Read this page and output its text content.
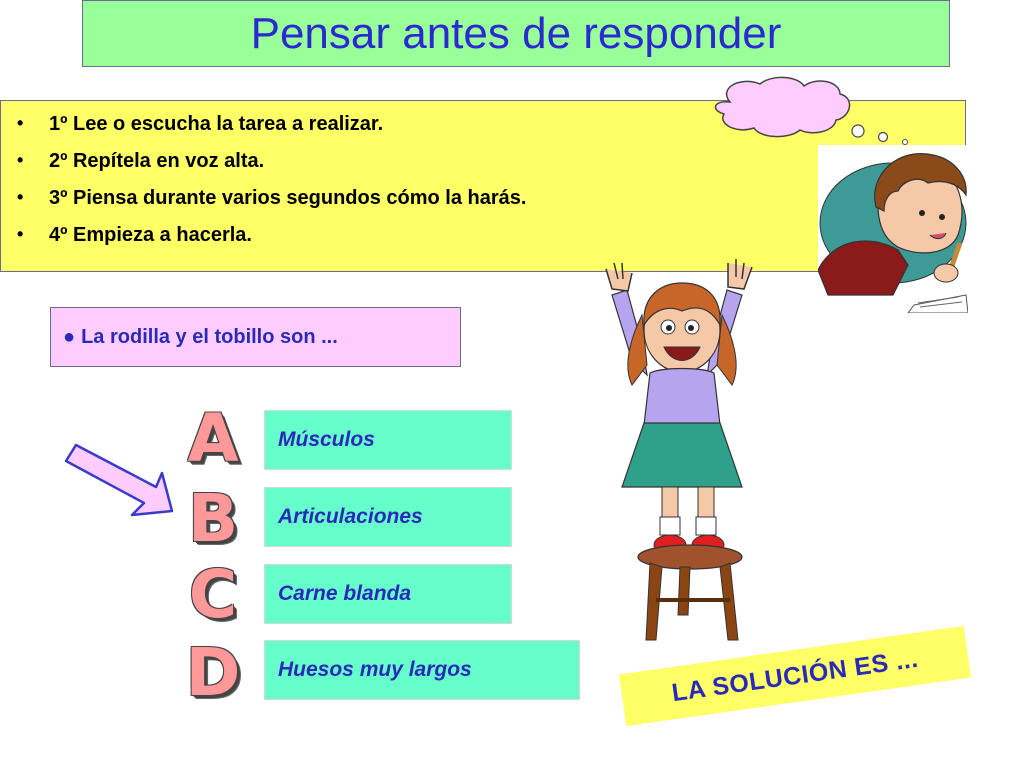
Pensar antes de responder
•	1º Lee o escucha la tarea a realizar.
•	2º Repítela en voz alta.
•	3º Piensa durante varios segundos cómo la harás.
•	4º Empieza a hacerla.
● La rodilla y el tobillo son ...
A
B
C
D
Músculos
Articulaciones
Carne blanda
Huesos muy largos	LA SOLUCIÓN ES ...
